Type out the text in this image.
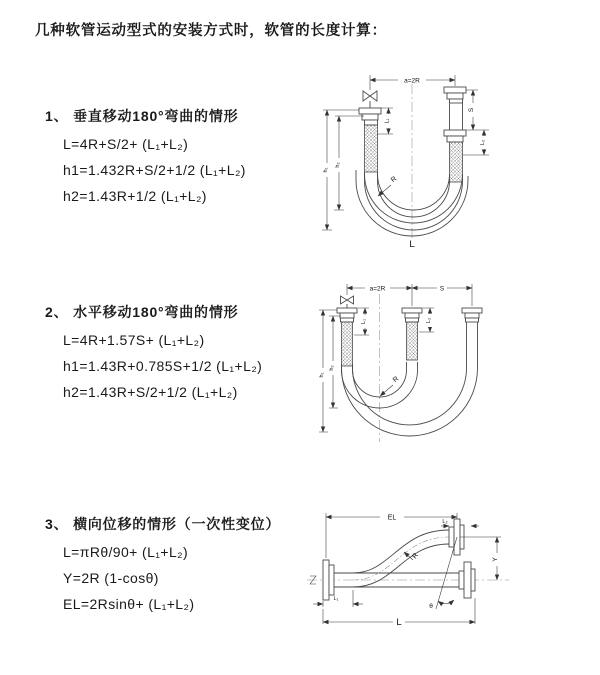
几种软管运动型式的安装方式时，软管的长度计算：
1、 垂直移动180°弯曲的情形
L=4R+S/2+ (L₁+L₂)
h1=1.432R+S/2+1/2 (L₁+L₂)
h2=1.43R+1/2 (L₁+L₂)
2、 水平移动180°弯曲的情形
L=4R+1.57S+ (L₁+L₂)
h1=1.43R+0.785S+1/2 (L₁+L₂)
h2=1.43R+S/2+1/2 (L₁+L₂)
3、 横向位移的情形（一次性变位）
L=πRθ/90+ (L₁+L₂)
Y=2R (1-cosθ)
EL=2Rsinθ+ (L₁+L₂)
a=2R
L₁
S
L₂
h₁
h₂
R
L
a=2R	S
L₁	L₂
h₁
h₂
R
θ
EL
L₂
Y
R
L₁
L
